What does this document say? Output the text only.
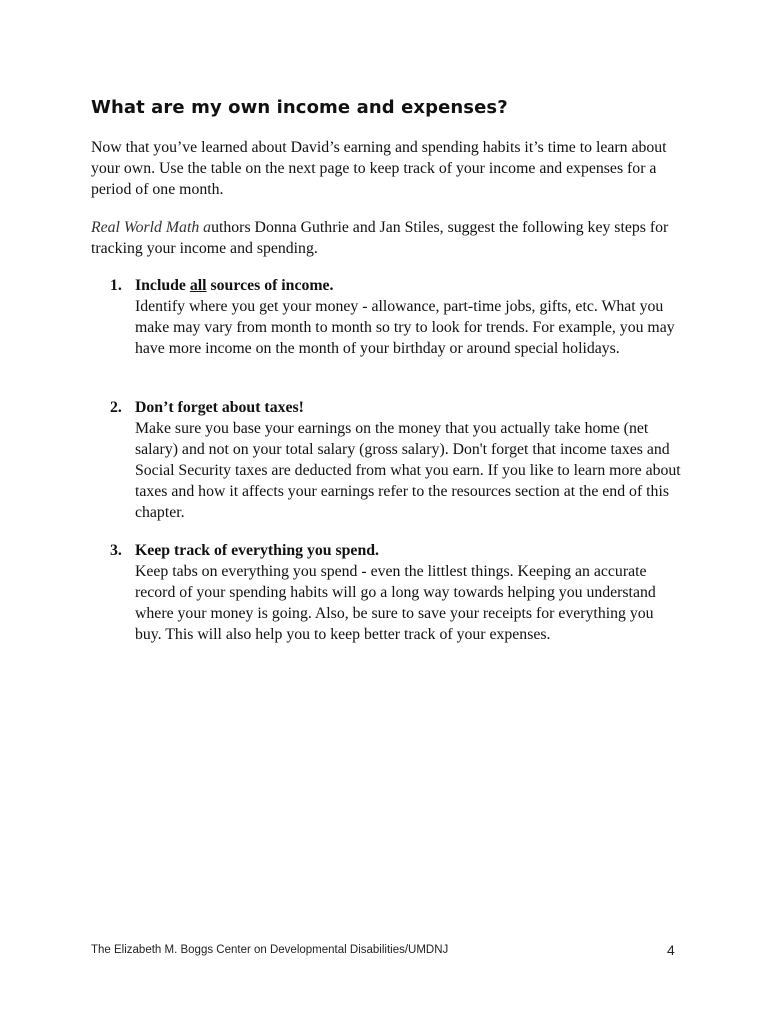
What are my own income and expenses?

Now that you’ve learned about David’s earning and spending habits it’s time to learn about your own. Use the table on the next page to keep track of your income and expenses for a period of one month.

Real World Math authors Donna Guthrie and Jan Stiles, suggest the following key steps for tracking your income and spending.

1. Include all sources of income.
Identify where you get your money - allowance, part-time jobs, gifts, etc. What you make may vary from month to month so try to look for trends. For example, you may have more income on the month of your birthday or around special holidays.
2. Don’t forget about taxes!
Make sure you base your earnings on the money that you actually take home (net salary) and not on your total salary (gross salary). Don't forget that income taxes and Social Security taxes are deducted from what you earn. If you like to learn more about taxes and how it affects your earnings refer to the resources section at the end of this chapter.
3. Keep track of everything you spend.
Keep tabs on everything you spend - even the littlest things. Keeping an accurate record of your spending habits will go a long way towards helping you understand where your money is going. Also, be sure to save your receipts for everything you buy. This will also help you to keep better track of your expenses.
The Elizabeth M. Boggs Center on Developmental Disabilities/UMDNJ	4
